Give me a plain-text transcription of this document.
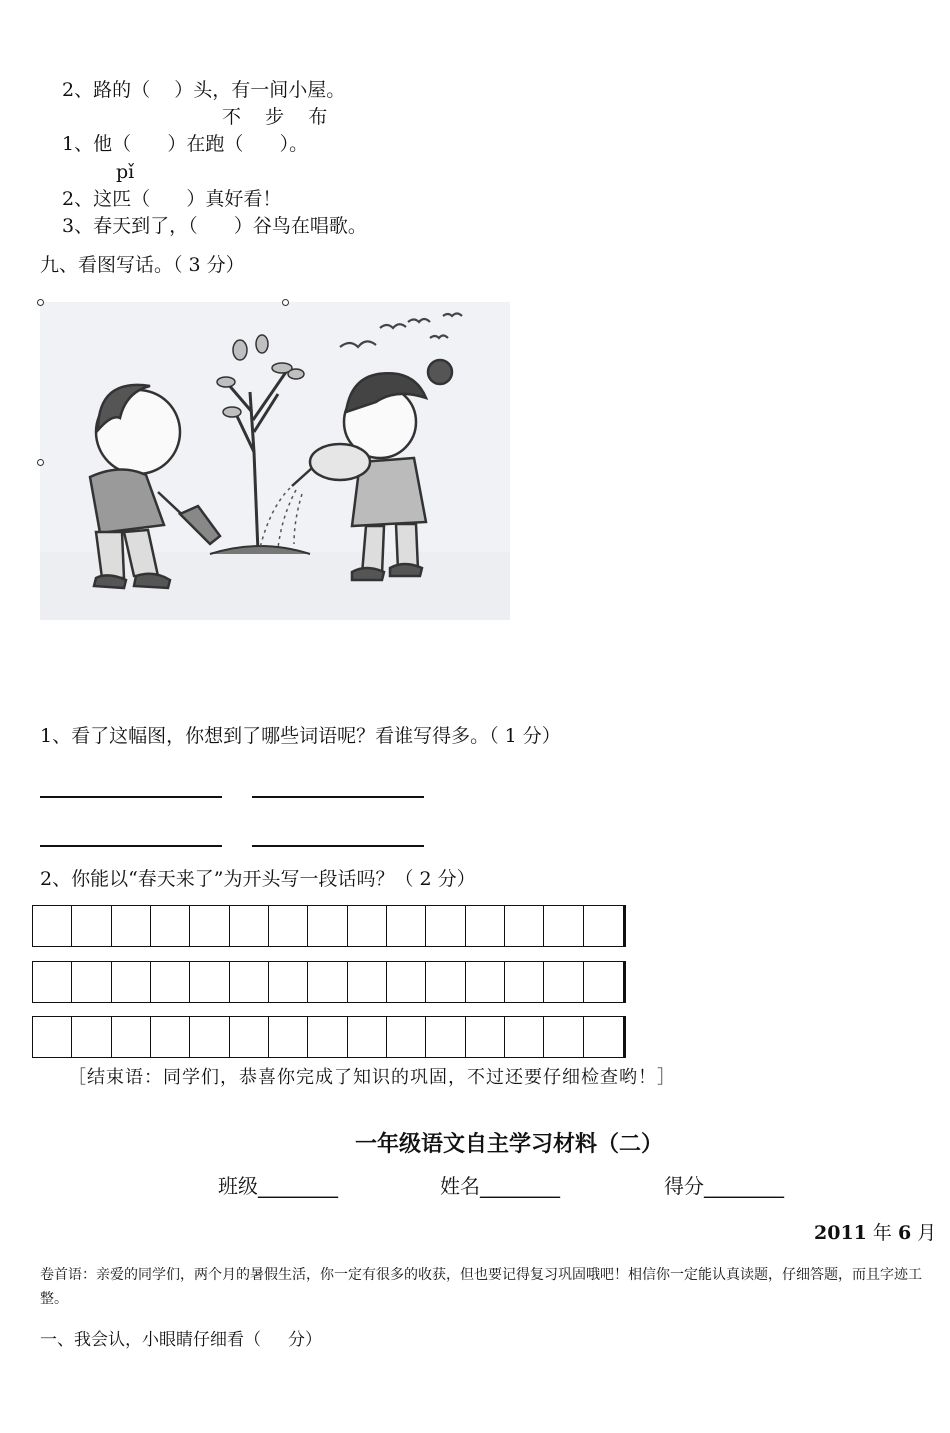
2、路的（    ）头，有一间小屋。
不    步    布
1、他（      ）在跑（      ）。
pǐ
2、这匹（      ）真好看！
3、春天到了，（      ）谷鸟在唱歌。
九、看图写话。（ 3 分）
1、看了这幅图，你想到了哪些词语呢？看谁写得多。（ 1 分）
2、你能以“春天来了”为开头写一段话吗？（ 2 分）
［结束语：同学们，恭喜你完成了知识的巩固，不过还要仔细检查哟！］
一年级语文自主学习材料（二）
班级________	姓名________	得分________
2011 年 6 月
卷首语：亲爱的同学们，两个月的暑假生活，你一定有很多的收获，但也要记得复习巩固哦吧！相信你一定能认真读题，仔细答题，而且字迹工整。
一、我会认，小眼睛仔细看（     分）
